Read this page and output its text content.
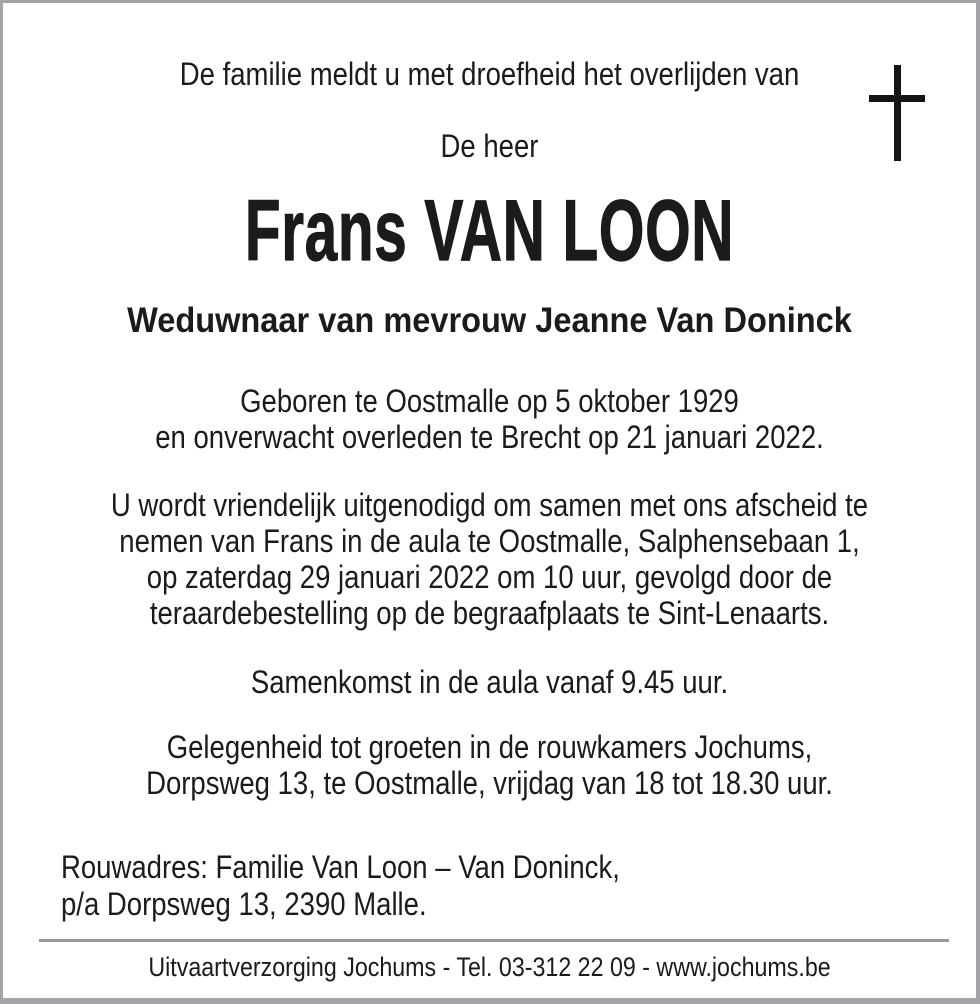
De familie meldt u met droefheid het overlijden van
De heer
Frans VAN LOON
Weduwnaar van mevrouw Jeanne Van Doninck
Geboren te Oostmalle op 5 oktober 1929
en onverwacht overleden te Brecht op 21 januari 2022.
U wordt vriendelijk uitgenodigd om samen met ons afscheid te
nemen van Frans in de aula te Oostmalle, Salphensebaan 1,
op zaterdag 29 januari 2022 om 10 uur, gevolgd door de
teraardebestelling op de begraafplaats te Sint-Lenaarts.
Samenkomst in de aula vanaf 9.45 uur.
Gelegenheid tot groeten in de rouwkamers Jochums,
Dorpsweg 13, te Oostmalle, vrijdag van 18 tot 18.30 uur.
Rouwadres: Familie Van Loon – Van Doninck,
p/a Dorpsweg 13, 2390 Malle.
Uitvaartverzorging Jochums - Tel. 03-312 22 09 - www.jochums.be
